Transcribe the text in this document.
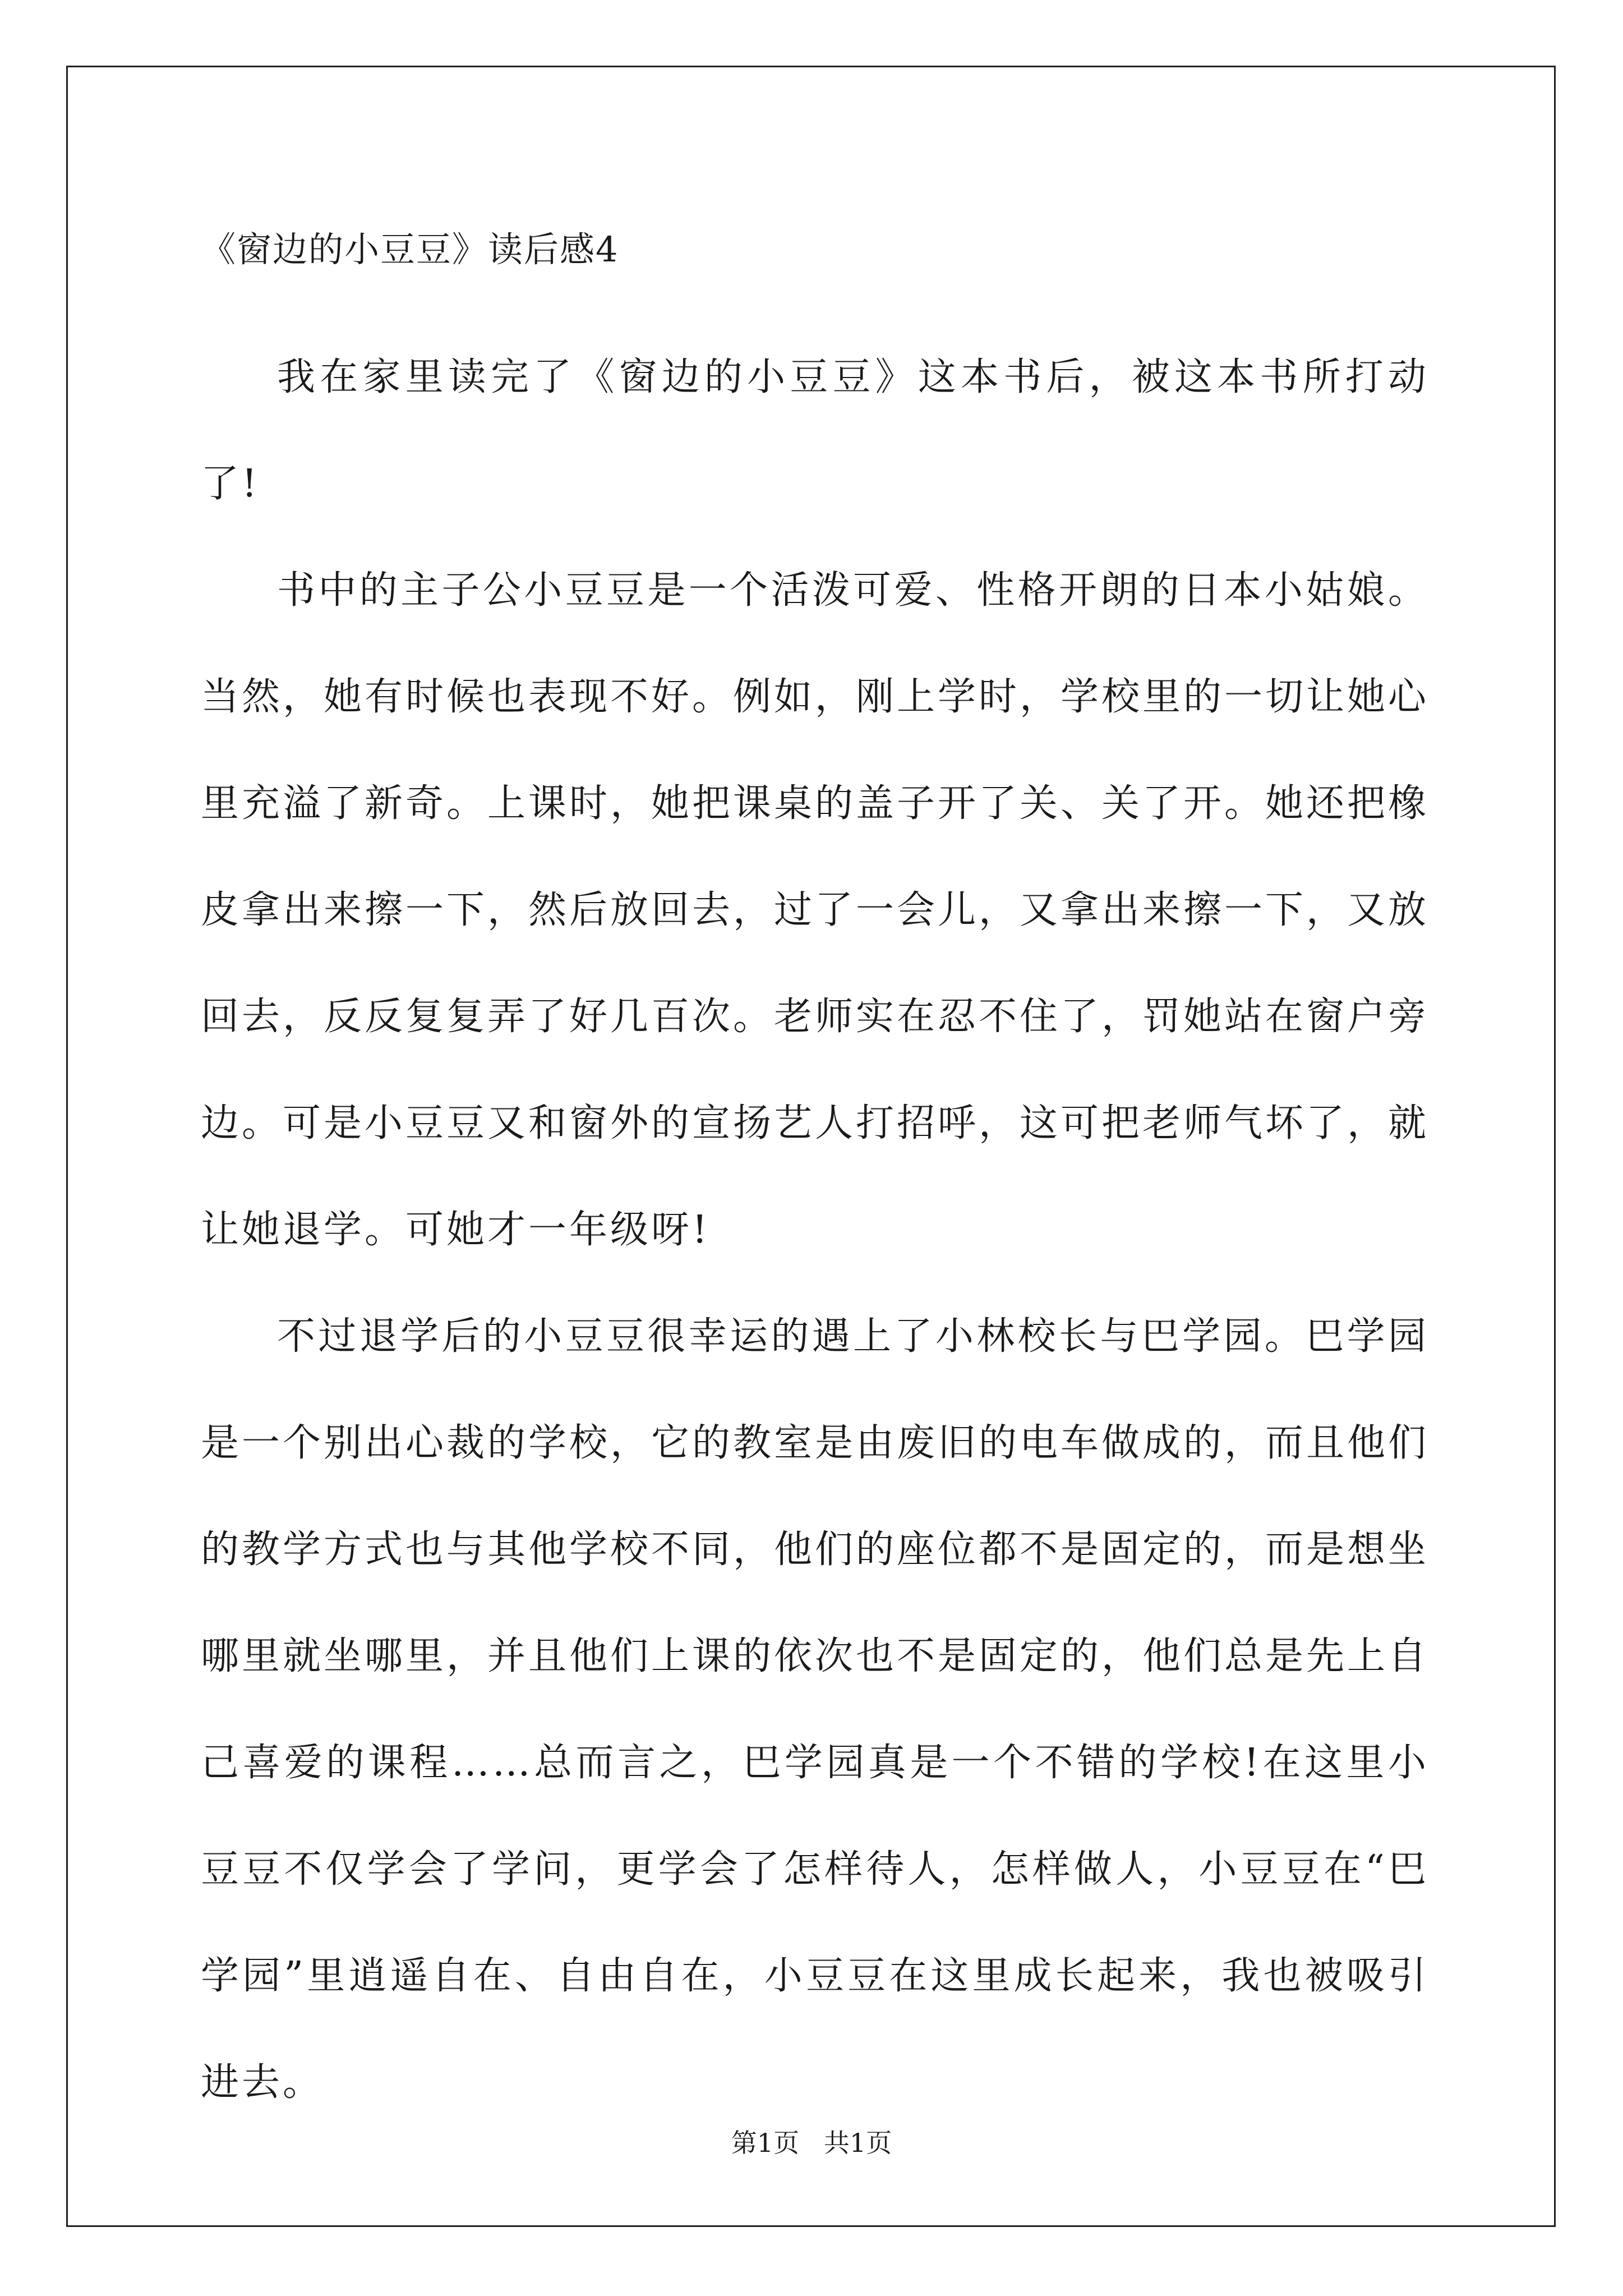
《窗边的小豆豆》读后感4

我在家里读完了《窗边的小豆豆》这本书后，被这本书所打动了!

书中的主子公小豆豆是一个活泼可爱、性格开朗的日本小姑娘。当然，她有时候也表现不好。例如，刚上学时，学校里的一切让她心里充溢了新奇。上课时，她把课桌的盖子开了关、关了开。她还把橡皮拿出来擦一下，然后放回去，过了一会儿，又拿出来擦一下，又放回去，反反复复弄了好几百次。老师实在忍不住了，罚她站在窗户旁边。可是小豆豆又和窗外的宣扬艺人打招呼，这可把老师气坏了，就让她退学。可她才一年级呀!

不过退学后的小豆豆很幸运的遇上了小林校长与巴学园。巴学园是一个别出心裁的学校，它的教室是由废旧的电车做成的，而且他们的教学方式也与其他学校不同，他们的座位都不是固定的，而是想坐哪里就坐哪里，并且他们上课的依次也不是固定的，他们总是先上自己喜爱的课程……总而言之，巴学园真是一个不错的学校!在这里小豆豆不仅学会了学问，更学会了怎样待人，怎样做人，小豆豆在“巴学园”里逍遥自在、自由自在，小豆豆在这里成长起来，我也被吸引进去。

第1页   共1页
